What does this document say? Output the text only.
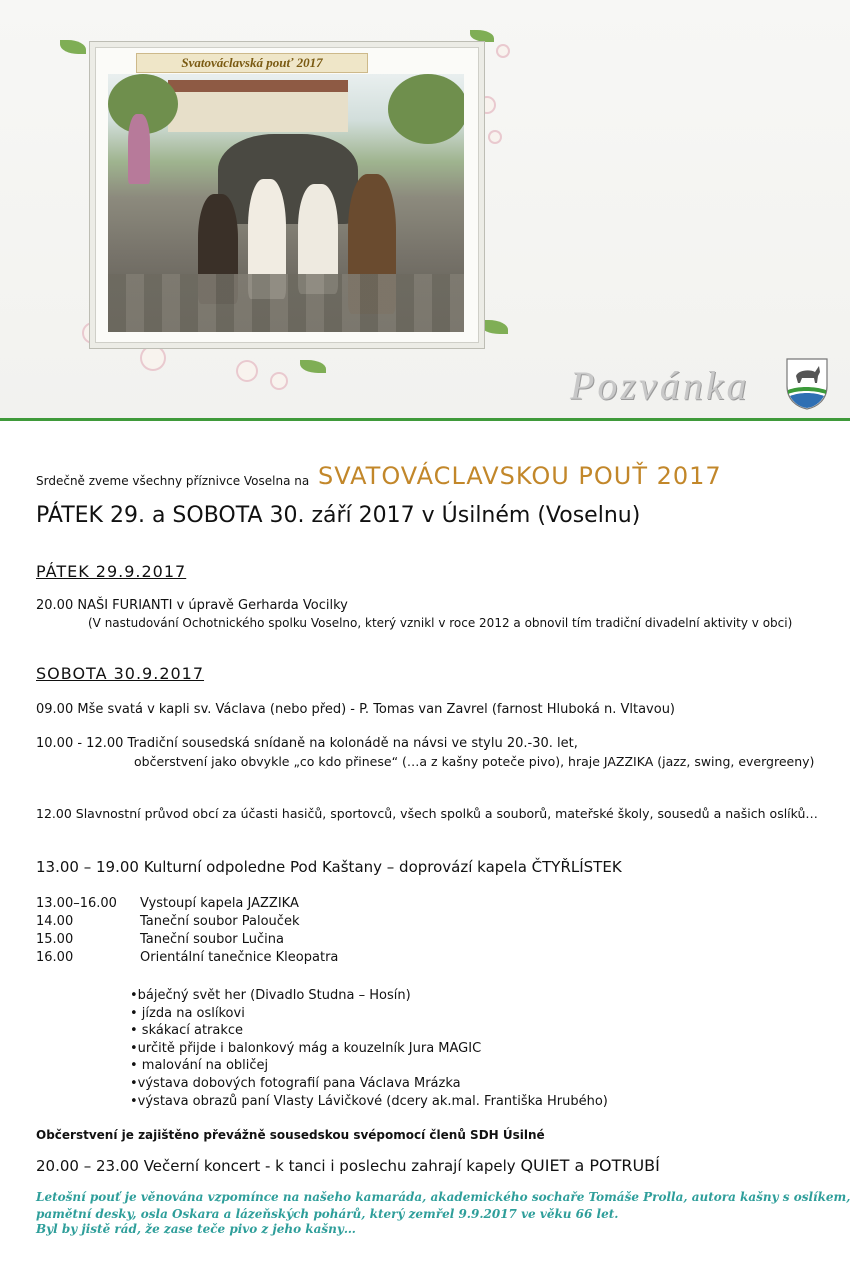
Svatováclavská pouť 2017
Pozvánka
Srdečně zveme všechny příznivce Voselna na SVATOVÁCLAVSKOU POUŤ 2017
PÁTEK 29. a SOBOTA 30. září 2017 v Úsilném (Voselnu)
PÁTEK 29.9.2017
20.00 NAŠI FURIANTI v úpravě Gerharda Vocilky
(V nastudování Ochotnického spolku Voselno, který vznikl v roce 2012 a obnovil tím tradiční divadelní aktivity v obci)
SOBOTA 30.9.2017
09.00 Mše svatá v kapli sv. Václava (nebo před) - P. Tomas van Zavrel (farnost Hluboká n. Vltavou)
10.00 - 12.00 Tradiční sousedská snídaně na kolonádě na návsi ve stylu 20.-30. let,
občerstvení jako obvykle „co kdo přinese“ (…a z kašny poteče pivo), hraje JAZZIKA (jazz, swing, evergreeny)
12.00 Slavnostní průvod obcí za účasti hasičů, sportovců, všech spolků a souborů, mateřské školy, sousedů a našich oslíků…
13.00 – 19.00 Kulturní odpoledne Pod Kaštany – doprovází kapela ČTYŘLÍSTEK
13.00–16.00 Vystoupí kapela JAZZIKA
14.00	Taneční soubor Palouček
15.00	Taneční soubor Lučina
16.00	Orientální tanečnice Kleopatra
•báječný svět her (Divadlo Studna – Hosín)
• jízda na oslíkovi
• skákací atrakce
•určitě přijde i balonkový mág a kouzelník Jura MAGIC
• malování na obličej
•výstava dobových fotografií pana Václava Mrázka
•výstava obrazů paní Vlasty Lávičkové (dcery ak.mal. Františka Hrubého)
Občerstvení je zajištěno převážně sousedskou svépomocí členů SDH Úsilné
20.00 – 23.00 Večerní koncert - k tanci i poslechu zahrají kapely QUIET a POTRUBÍ
Letošní pouť je věnována vzpomínce na našeho kamaráda, akademického sochaře Tomáše Prolla, autora kašny s oslíkem,
pamětní desky, osla Oskara a lázeňských pohárů, který zemřel 9.9.2017 ve věku 66 let.
Byl by jistě rád, že zase teče pivo z jeho kašny…
